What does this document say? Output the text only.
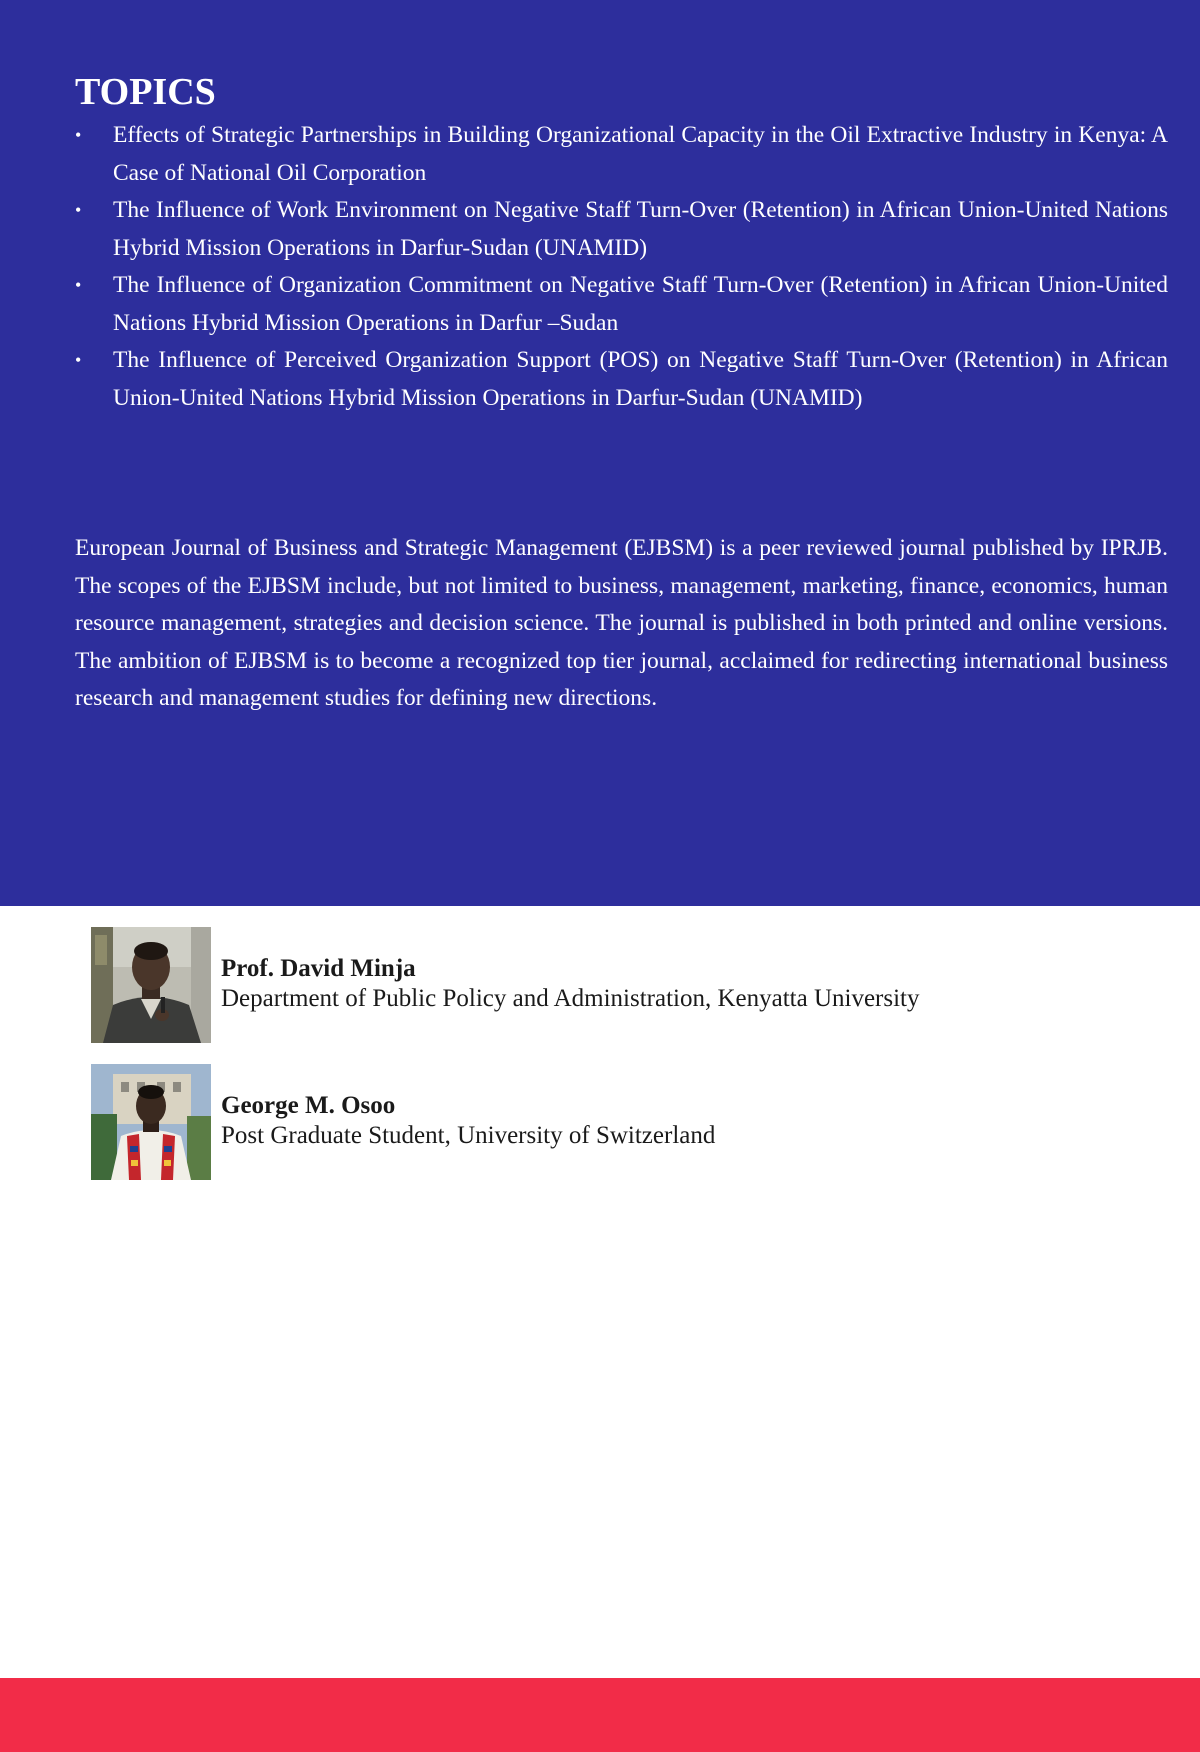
TOPICS
•	Effects of Strategic Partnerships in Building Organizational Capacity in the Oil Extractive Industry in Kenya: A Case of National Oil Corporation
•	The Influence of Work Environment on Negative Staff Turn-Over (Retention) in African Union-United Nations Hybrid Mission Operations in Darfur-Sudan (UNAMID)
•	The Influence of Organization Commitment on Negative Staff Turn-Over (Retention) in African Union-United Nations Hybrid Mission Operations in Darfur –Sudan
•	The Influence of Perceived Organization Support (POS) on Negative Staff Turn-Over (Retention) in African Union-United Nations Hybrid Mission Operations in Darfur-Sudan (UNAMID)

European Journal of Business and Strategic Management (EJBSM) is a peer reviewed journal published by IPRJB. The scopes of the EJBSM include, but not limited to business, management, marketing, finance, economics, human resource management, strategies and decision science. The journal is published in both printed and online versions. The ambition of EJBSM is to become a recognized top tier journal, acclaimed for redirecting international business research and management studies for defining new directions.

Prof. David Minja
Department of Public Policy and Administration, Kenyatta University
George M. Osoo
Post Graduate Student, University of Switzerland
